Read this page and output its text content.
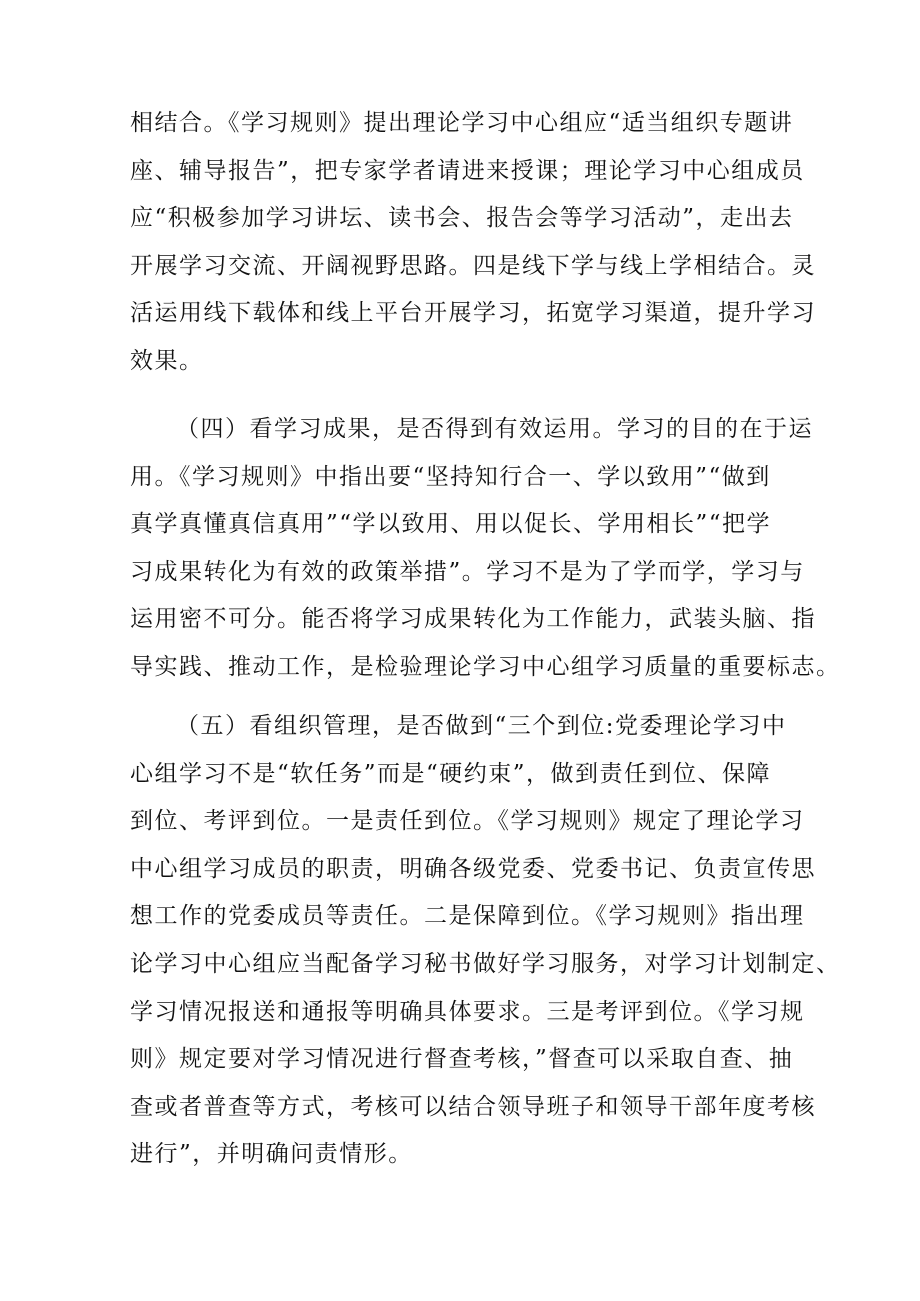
相结合。《学习规则》提出理论学习中心组应“适当组织专题讲
座、辅导报告”，把专家学者请进来授课；理论学习中心组成员
应“积极参加学习讲坛、读书会、报告会等学习活动”，走出去
开展学习交流、开阔视野思路。四是线下学与线上学相结合。灵
活运用线下载体和线上平台开展学习，拓宽学习渠道，提升学习
效果。

（四）看学习成果，是否得到有效运用。学习的目的在于运
用。《学习规则》中指出要“坚持知行合一、学以致用”“做到
真学真懂真信真用”“学以致用、用以促长、学用相长”“把学
习成果转化为有效的政策举措”。学习不是为了学而学，学习与
运用密不可分。能否将学习成果转化为工作能力，武装头脑、指
导实践、推动工作，是检验理论学习中心组学习质量的重要标志。

（五）看组织管理，是否做到“三个到位:党委理论学习中
心组学习不是“软任务”而是“硬约束”，做到责任到位、保障
到位、考评到位。一是责任到位。《学习规则》规定了理论学习
中心组学习成员的职责，明确各级党委、党委书记、负责宣传思
想工作的党委成员等责任。二是保障到位。《学习规则》指出理
论学习中心组应当配备学习秘书做好学习服务，对学习计划制定、
学习情况报送和通报等明确具体要求。三是考评到位。《学习规
则》规定要对学习情况进行督查考核，”督查可以采取自查、抽
查或者普查等方式，考核可以结合领导班子和领导干部年度考核
进行”，并明确问责情形。
